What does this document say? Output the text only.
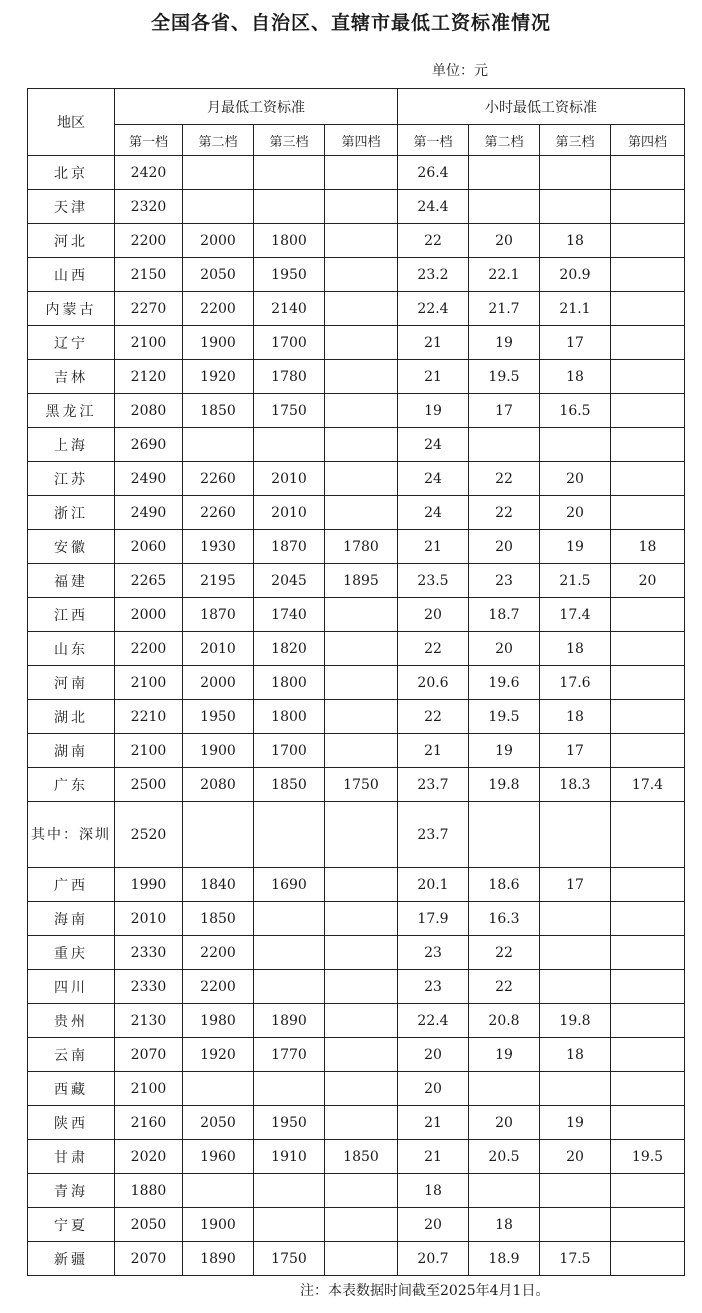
全国各省、自治区、直辖市最低工资标准情况
单位：元
地区	月最低工资标准				小时最低工资标准			
	第一档	第二档	第三档	第四档	第一档	第二档	第三档	第四档
北京	2420				26.4			
天津	2320				24.4			
河北	2200	2000	1800		22	20	18	
山西	2150	2050	1950		23.2	22.1	20.9	
内蒙古	2270	2200	2140		22.4	21.7	21.1	
辽宁	2100	1900	1700		21	19	17	
吉林	2120	1920	1780		21	19.5	18	
黑龙江	2080	1850	1750		19	17	16.5	
上海	2690				24			
江苏	2490	2260	2010		24	22	20	
浙江	2490	2260	2010		24	22	20	
安徽	2060	1930	1870	1780	21	20	19	18
福建	2265	2195	2045	1895	23.5	23	21.5	20
江西	2000	1870	1740		20	18.7	17.4	
山东	2200	2010	1820		22	20	18	
河南	2100	2000	1800		20.6	19.6	17.6	
湖北	2210	1950	1800		22	19.5	18	
湖南	2100	1900	1700		21	19	17	
广东	2500	2080	1850	1750	23.7	19.8	18.3	17.4
其中：深圳	2520				23.7			
广西	1990	1840	1690		20.1	18.6	17	
海南	2010	1850			17.9	16.3		
重庆	2330	2200			23	22		
四川	2330	2200			23	22		
贵州	2130	1980	1890		22.4	20.8	19.8	
云南	2070	1920	1770		20	19	18	
西藏	2100				20			
陕西	2160	2050	1950		21	20	19	
甘肃	2020	1960	1910	1850	21	20.5	20	19.5
青海	1880				18			
宁夏	2050	1900			20	18		
新疆	2070	1890	1750		20.7	18.9	17.5	
注：本表数据时间截至2025年4月1日。
